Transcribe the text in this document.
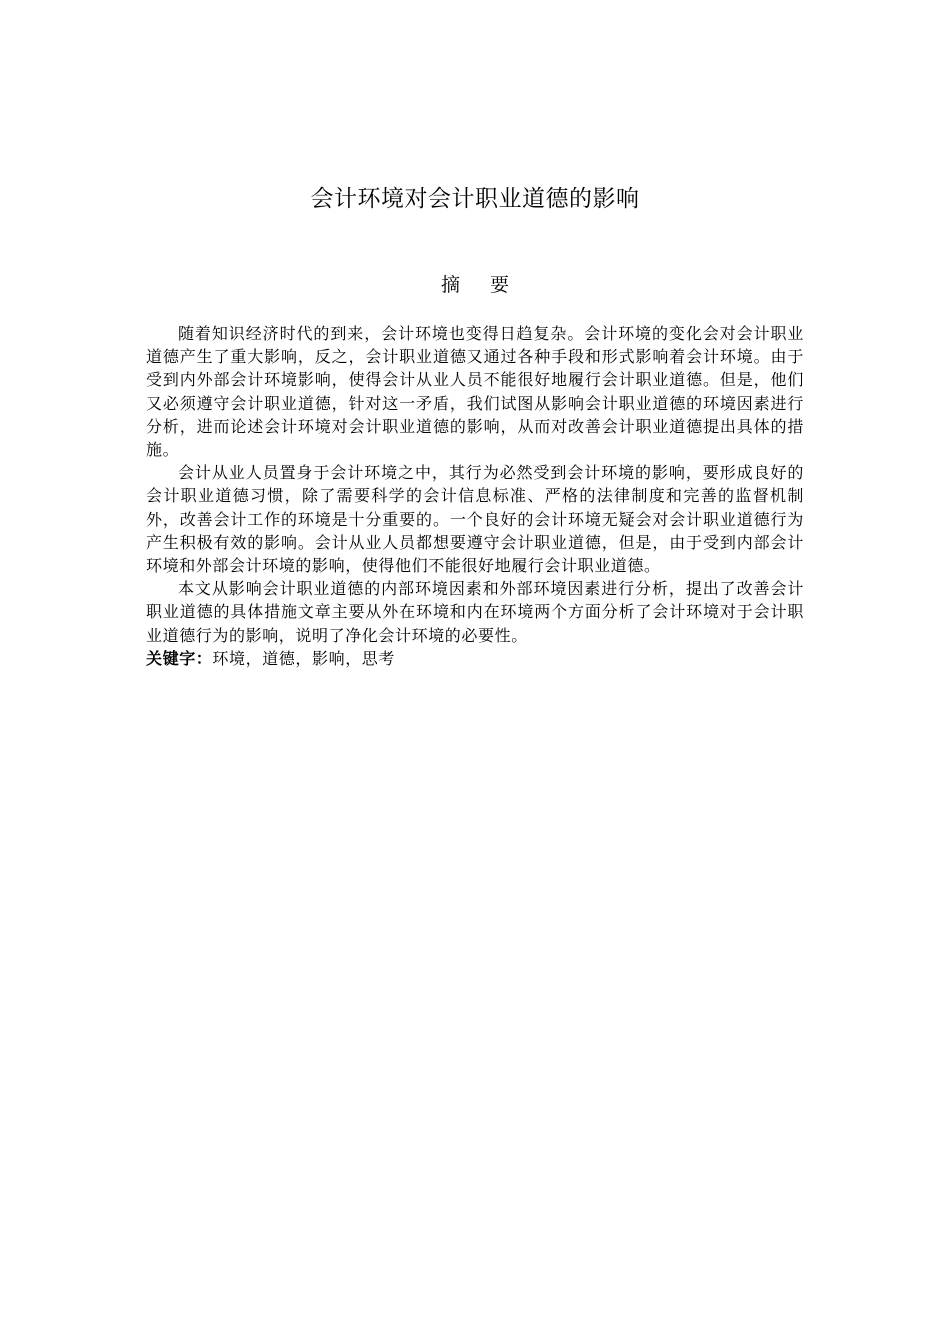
会计环境对会计职业道德的影响
摘 要

随着知识经济时代的到来，会计环境也变得日趋复杂。会计环境的变化会对会计职业道德产生了重大影响，反之，会计职业道德又通过各种手段和形式影响着会计环境。由于受到内外部会计环境影响，使得会计从业人员不能很好地履行会计职业道德。但是，他们又必须遵守会计职业道德，针对这一矛盾，我们试图从影响会计职业道德的环境因素进行分析，进而论述会计环境对会计职业道德的影响，从而对改善会计职业道德提出具体的措施。

会计从业人员置身于会计环境之中，其行为必然受到会计环境的影响，要形成良好的会计职业道德习惯，除了需要科学的会计信息标准、严格的法律制度和完善的监督机制外，改善会计工作的环境是十分重要的。一个良好的会计环境无疑会对会计职业道德行为产生积极有效的影响。会计从业人员都想要遵守会计职业道德，但是，由于受到内部会计环境和外部会计环境的影响，使得他们不能很好地履行会计职业道德。

本文从影响会计职业道德的内部环境因素和外部环境因素进行分析，提出了改善会计职业道德的具体措施文章主要从外在环境和内在环境两个方面分析了会计环境对于会计职业道德行为的影响，说明了净化会计环境的必要性。

关键字：环境，道德，影响，思考
